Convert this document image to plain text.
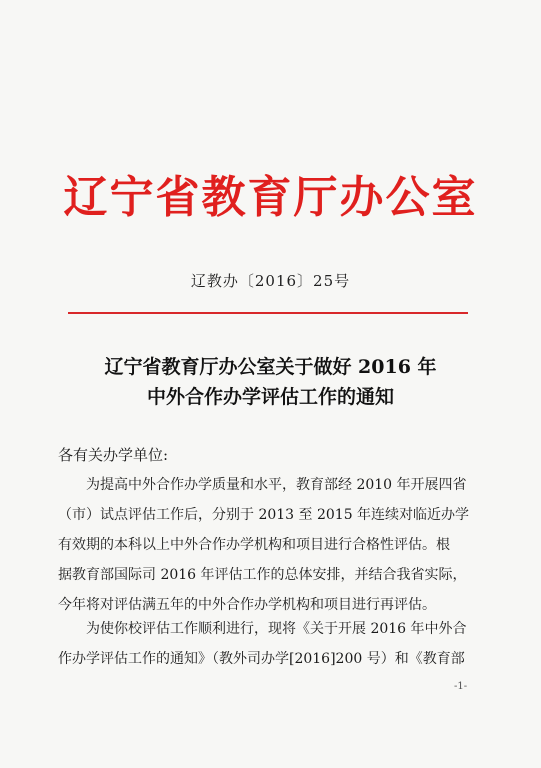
辽宁省教育厅办公室
辽教办〔2016〕25号
辽宁省教育厅办公室关于做好 2016 年
中外合作办学评估工作的通知
各有关办学单位:
为提高中外合作办学质量和水平，教育部经 2010 年开展四省
（市）试点评估工作后，分别于 2013 至 2015 年连续对临近办学
有效期的本科以上中外合作办学机构和项目进行合格性评估。根
据教育部国际司 2016 年评估工作的总体安排，并结合我省实际，
今年将对评估满五年的中外合作办学机构和项目进行再评估。
为使你校评估工作顺利进行，现将《关于开展 2016 年中外合
作办学评估工作的通知》（教外司办学[2016]200 号）和《教育部
-1-
